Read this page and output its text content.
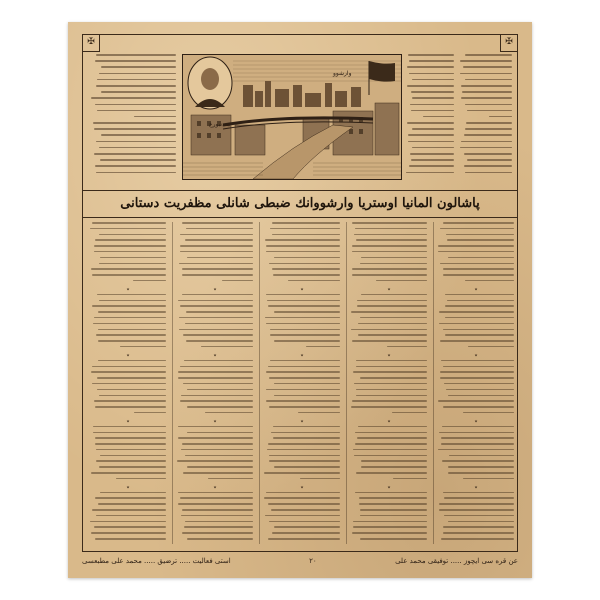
✠	✠
وارشوو
هندنبورغ
پاشالون المانیا اوستریا وارشووانك ضبطی شانلی مظفریت دستانی
٭
٭
٭
٭
٭
٭
٭
٭
٭
٭
٭
٭
٭
٭
٭
٭
٭
٭
٭
٭
عن قره سی ایچوز ..... توفیقی محمد علی
٢٠
استی فعالیت ..... ترضیق ..... محمد علی مطبعسی
